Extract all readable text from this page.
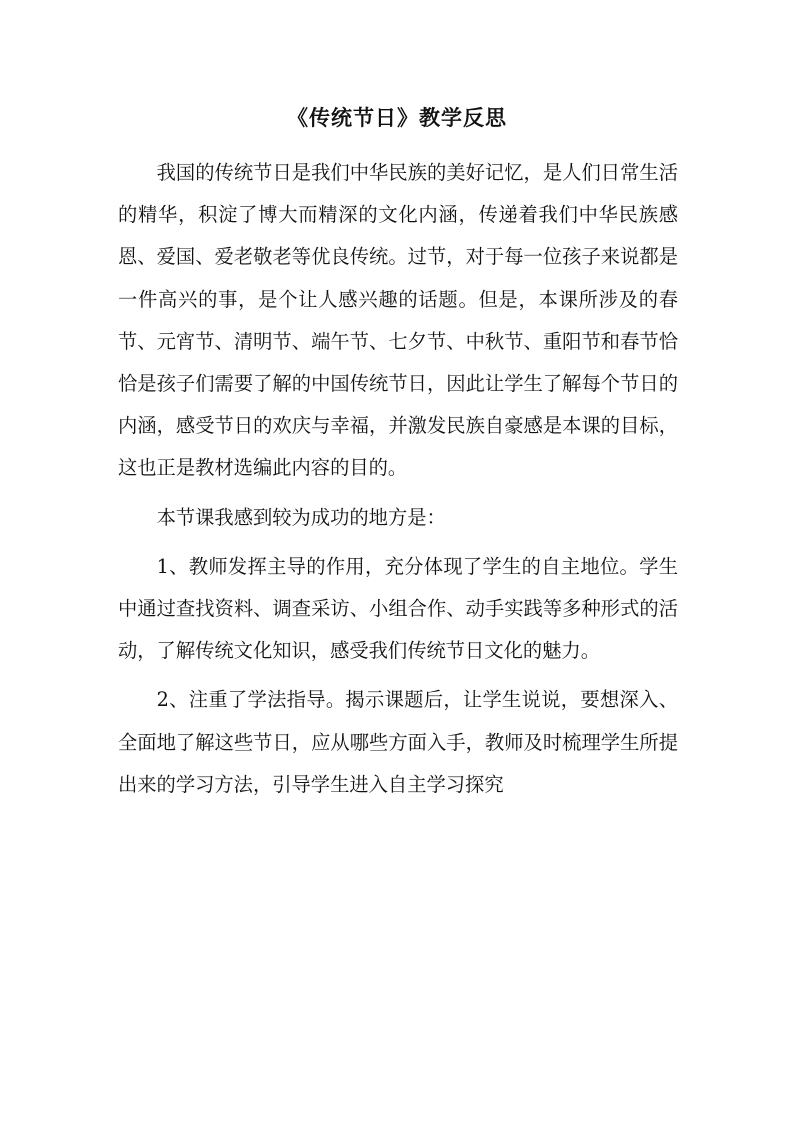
《传统节日》教学反思

我国的传统节日是我们中华民族的美好记忆，是人们日常生活的精华，积淀了博大而精深的文化内涵，传递着我们中华民族感恩、爱国、爱老敬老等优良传统。过节，对于每一位孩子来说都是一件高兴的事，是个让人感兴趣的话题。但是，本课所涉及的春节、元宵节、清明节、端午节、七夕节、中秋节、重阳节和春节恰恰是孩子们需要了解的中国传统节日，因此让学生了解每个节日的内涵，感受节日的欢庆与幸福，并激发民族自豪感是本课的目标，这也正是教材选编此内容的目的。

本节课我感到较为成功的地方是：

1、教师发挥主导的作用，充分体现了学生的自主地位。学生中通过查找资料、调查采访、小组合作、动手实践等多种形式的活动，了解传统文化知识，感受我们传统节日文化的魅力。

2、注重了学法指导。揭示课题后，让学生说说，要想深入、全面地了解这些节日，应从哪些方面入手，教师及时梳理学生所提出来的学习方法，引导学生进入自主学习探究
